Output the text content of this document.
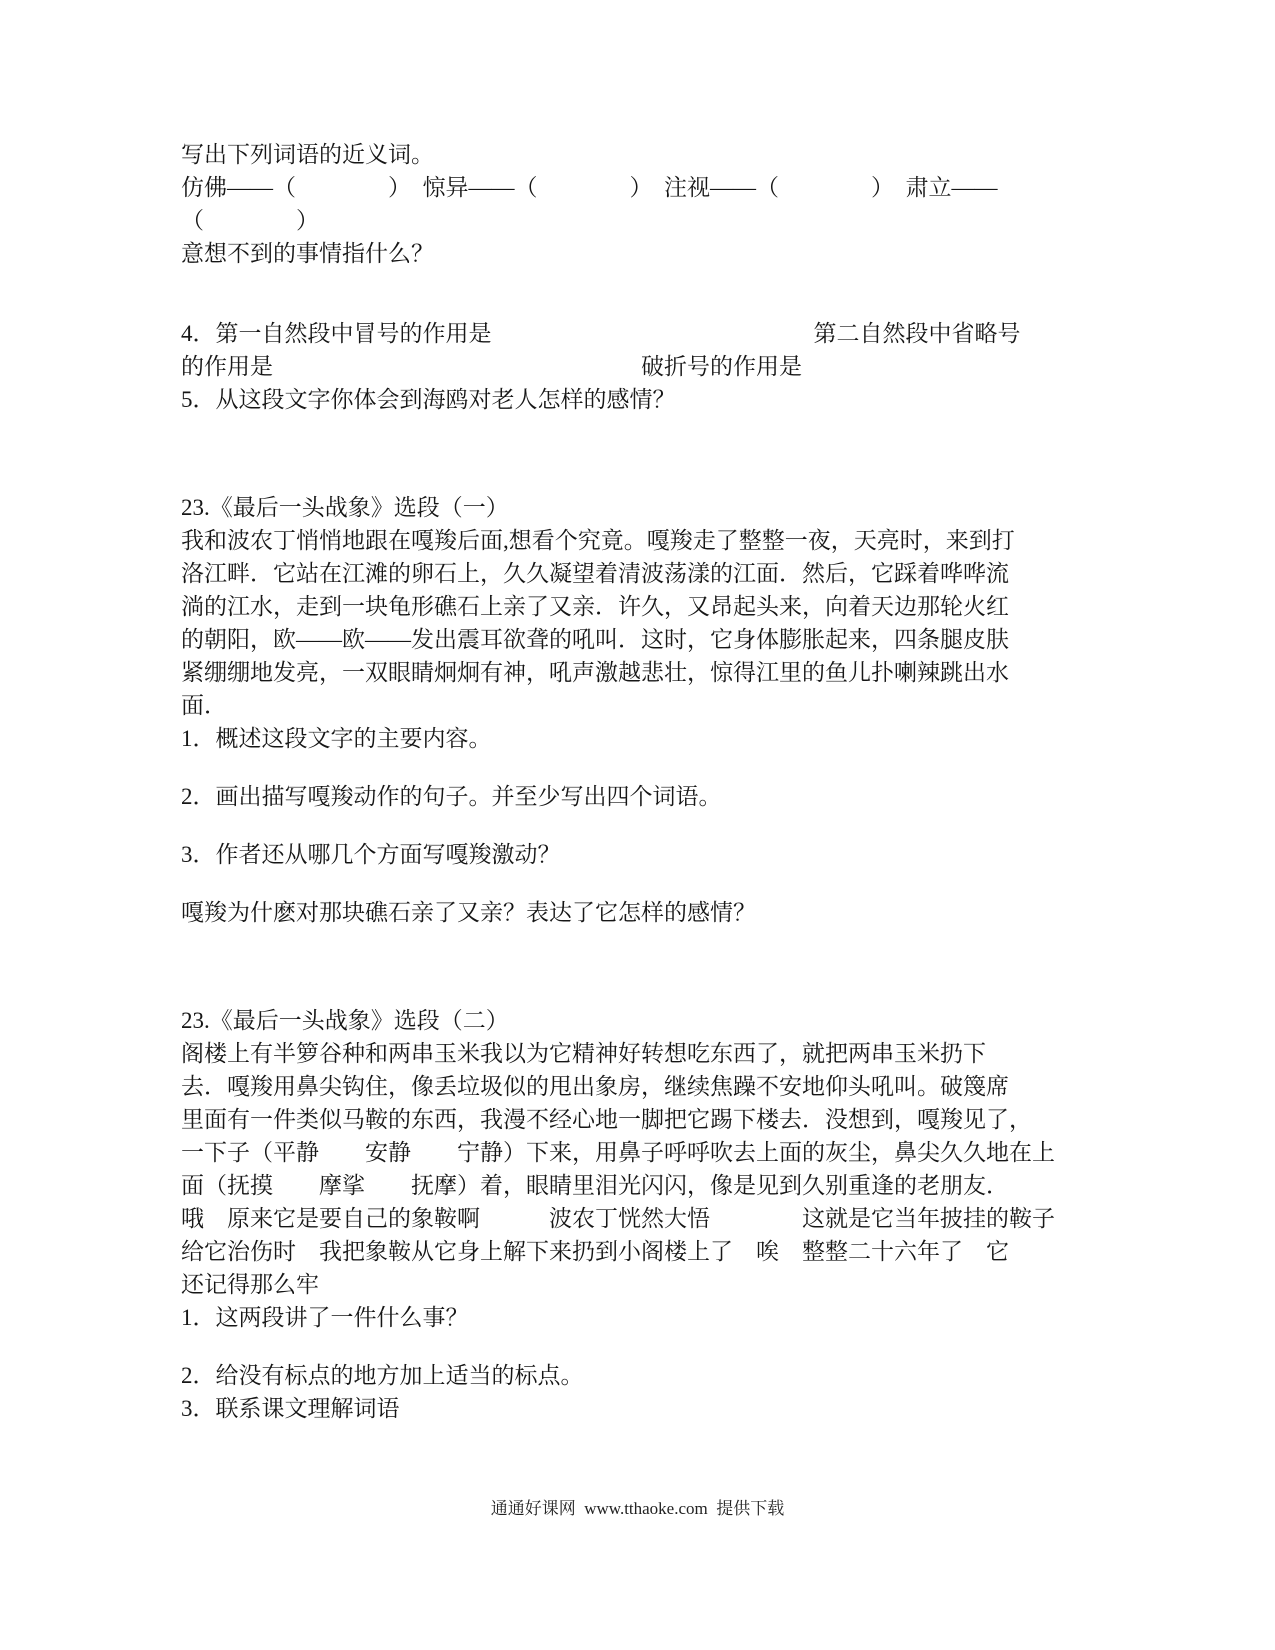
写出下列词语的近义词。
仿佛——（　　　　）　惊异——（　　　　）　注视——（　　　　）　肃立——
（　　　　）
意想不到的事情指什么？
4．第一自然段中冒号的作用是　　　　　　　　　　　　　　第二自然段中省略号
的作用是　　　　　　　　　　　　　　　　破折号的作用是
5．从这段文字你体会到海鸥对老人怎样的感情？
23.《最后一头战象》选段（一）
我和波农丁悄悄地跟在嘎羧后面,想看个究竟。嘎羧走了整整一夜，天亮时，来到打
洛江畔．它站在江滩的卵石上，久久凝望着清波荡漾的江面．然后，它踩着哗哗流
淌的江水，走到一块龟形礁石上亲了又亲．许久，又昂起头来，向着天边那轮火红
的朝阳，欧——欧——发出震耳欲聋的吼叫．这时，它身体膨胀起来，四条腿皮肤
紧绷绷地发亮，一双眼睛炯炯有神，吼声激越悲壮，惊得江里的鱼儿扑喇辣跳出水
面．
1．概述这段文字的主要内容。
2．画出描写嘎羧动作的句子。并至少写出四个词语。
3．作者还从哪几个方面写嘎羧激动？
嘎羧为什麽对那块礁石亲了又亲？表达了它怎样的感情？
23.《最后一头战象》选段（二）
阁楼上有半箩谷种和两串玉米我以为它精神好转想吃东西了，就把两串玉米扔下
去．嘎羧用鼻尖钩住，像丢垃圾似的甩出象房，继续焦躁不安地仰头吼叫。破篾席
里面有一件类似马鞍的东西，我漫不经心地一脚把它踢下楼去．没想到，嘎羧见了，
一下子（平静　　安静　　宁静）下来，用鼻子呼呼吹去上面的灰尘，鼻尖久久地在上
面（抚摸　　摩挲　　抚摩）着，眼睛里泪光闪闪，像是见到久别重逢的老朋友．
哦　原来它是要自己的象鞍啊　　　波农丁恍然大悟　　　　这就是它当年披挂的鞍子
给它治伤时　我把象鞍从它身上解下来扔到小阁楼上了　唉　整整二十六年了　它
还记得那么牢
1．这两段讲了一件什么事？
2．给没有标点的地方加上适当的标点。
3．联系课文理解词语
通通好课网  www.tthaoke.com  提供下载
